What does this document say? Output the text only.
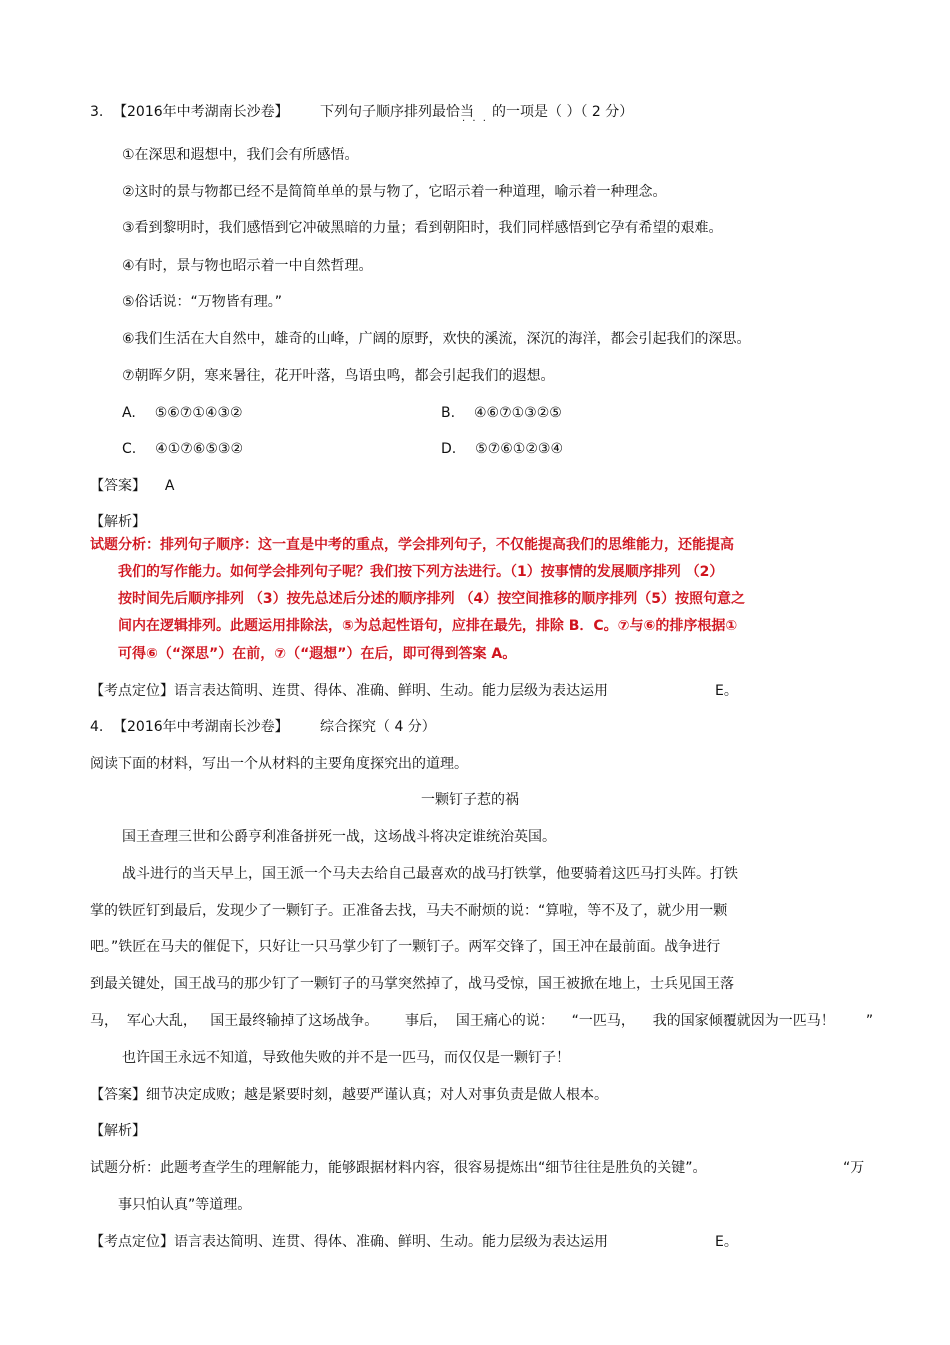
3. 【2016年中考湖南长沙卷】 下列句子顺序排列最恰当 的一项是（ ）（ 2 分）
· · ·
①在深思和遐想中，我们会有所感悟。
②这时的景与物都已经不是简简单单的景与物了，它昭示着一种道理，喻示着一种理念。
③看到黎明时，我们感悟到它冲破黑暗的力量；看到朝阳时，我们同样感悟到它孕有希望的艰难。
④有时，景与物也昭示着一中自然哲理。
⑤俗话说：“万物皆有理。”
⑥我们生活在大自然中，雄奇的山峰，广阔的原野，欢快的溪流，深沉的海洋，都会引起我们的深思。
⑦朝晖夕阴，寒来暑往，花开叶落，鸟语虫鸣，都会引起我们的遐想。
A. ⑤⑥⑦①④③②	B. ④⑥⑦①③②⑤
C. ④①⑦⑥⑤③②	D. ⑤⑦⑥①②③④
【答案】 A
【解析】
试题分析：排列句子顺序：这一直是中考的重点，学会排列句子，不仅能提高我们的思维能力，还能提高
我们的写作能力。如何学会排列句子呢？我们按下列方法进行。（1）按事情的发展顺序排列 （2）
按时间先后顺序排列 （3）按先总述后分述的顺序排列 （4）按空间推移的顺序排列（5）按照句意之
间内在逻辑排列。此题运用排除法，⑤为总起性语句，应排在最先，排除 B．C。⑦与⑥的排序根据①
可得⑥（“深思”）在前，⑦（“遐想”）在后，即可得到答案 A。
【考点定位】语言表达简明、连贯、得体、准确、鲜明、生动。能力层级为表达运用	E。
4. 【2016年中考湖南长沙卷】 综合探究（ 4 分）
阅读下面的材料，写出一个从材料的主要角度探究出的道理。
一颗钉子惹的祸
国王查理三世和公爵亨利准备拼死一战，这场战斗将决定谁统治英国。
战斗进行的当天早上，国王派一个马夫去给自己最喜欢的战马打铁掌，他要骑着这匹马打头阵。打铁
掌的铁匠钉到最后，发现少了一颗钉子。正准备去找，马夫不耐烦的说：“算啦，等不及了，就少用一颗
吧。”铁匠在马夫的催促下，只好让一只马掌少钉了一颗钉子。两军交锋了，国王冲在最前面。战争进行
到最关键处，国王战马的那少钉了一颗钉子的马掌突然掉了，战马受惊，国王被掀在地上，士兵见国王落
马，  军心大乱，   国王最终输掉了这场战争。      事后，  国王痛心的说：    “一匹马，    我的国家倾覆就因为一匹马！       ”
也许国王永远不知道，导致他失败的并不是一匹马，而仅仅是一颗钉子！
【答案】细节决定成败；越是紧要时刻，越要严谨认真；对人对事负责是做人根本。
【解析】
试题分析：此题考查学生的理解能力，能够跟据材料内容，很容易提炼出“细节往往是胜负的关键”。	“万
事只怕认真”等道理。
【考点定位】语言表达简明、连贯、得体、准确、鲜明、生动。能力层级为表达运用	E。
